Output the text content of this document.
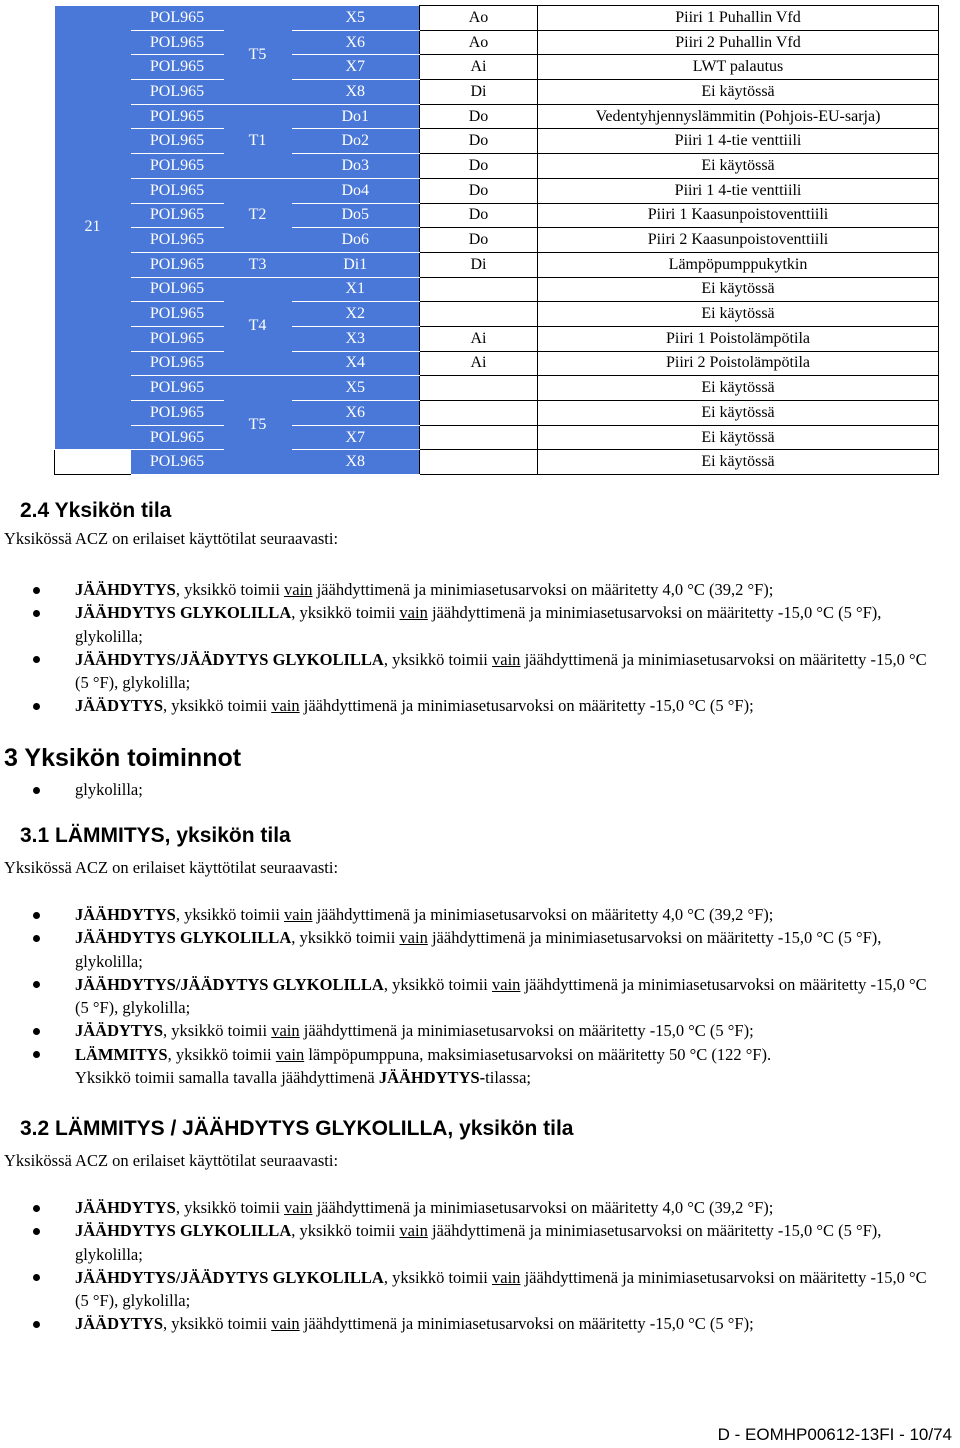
21	POL965	T5	X5	Ao	Piiri 1 Puhallin Vfd
	POL965		X6	Ao	Piiri 2 Puhallin Vfd
	POL965		X7	Ai	LWT palautus
	POL965		X8	Di	Ei käytössä
	POL965	T1	Do1	Do	Vedentyhjennyslämmitin (Pohjois-EU-sarja)
	POL965		Do2	Do	Piiri 1 4-tie venttiili
	POL965		Do3	Do	Ei käytössä
	POL965	T2	Do4	Do	Piiri 1 4-tie venttiili
	POL965		Do5	Do	Piiri 1 Kaasunpoistoventtiili
	POL965		Do6	Do	Piiri 2 Kaasunpoistoventtiili
	POL965	T3	Di1	Di	Lämpöpumppukytkin
	POL965	T4	X1		Ei käytössä
	POL965		X2		Ei käytössä
	POL965		X3	Ai	Piiri 1 Poistolämpötila
	POL965		X4	Ai	Piiri 2 Poistolämpötila
	POL965	T5	X5		Ei käytössä
	POL965		X6		Ei käytössä
	POL965		X7		Ei käytössä
	POL965		X8		Ei käytössä
2.4 Yksikön tila

Yksikössä ACZ on erilaiset käyttötilat seuraavasti:

JÄÄHDYTYS, yksikkö toimii vain jäähdyttimenä ja minimiasetusarvoksi on määritetty 4,0 °C (39,2 °F);
JÄÄHDYTYS GLYKOLILLA, yksikkö toimii vain jäähdyttimenä ja minimiasetusarvoksi on määritetty -15,0 °C (5 °F), glykolilla;
JÄÄHDYTYS/JÄÄDYTYS GLYKOLILLA, yksikkö toimii vain jäähdyttimenä ja minimiasetusarvoksi on määritetty -15,0 °C (5 °F), glykolilla;
JÄÄDYTYS, yksikkö toimii vain jäähdyttimenä ja minimiasetusarvoksi on määritetty -15,0 °C (5 °F);
3 Yksikön toiminnot
glykolilla;
3.1 LÄMMITYS, yksikön tila

Yksikössä ACZ on erilaiset käyttötilat seuraavasti:

JÄÄHDYTYS, yksikkö toimii vain jäähdyttimenä ja minimiasetusarvoksi on määritetty 4,0 °C (39,2 °F);
JÄÄHDYTYS GLYKOLILLA, yksikkö toimii vain jäähdyttimenä ja minimiasetusarvoksi on määritetty -15,0 °C (5 °F), glykolilla;
JÄÄHDYTYS/JÄÄDYTYS GLYKOLILLA, yksikkö toimii vain jäähdyttimenä ja minimiasetusarvoksi on määritetty -15,0 °C (5 °F), glykolilla;
JÄÄDYTYS, yksikkö toimii vain jäähdyttimenä ja minimiasetusarvoksi on määritetty -15,0 °C (5 °F);
LÄMMITYS, yksikkö toimii vain lämpöpumppuna, maksimiasetusarvoksi on määritetty 50 °C (122 °F).
Yksikkö toimii samalla tavalla jäähdyttimenä JÄÄHDYTYS-tilassa;
3.2 LÄMMITYS / JÄÄHDYTYS GLYKOLILLA, yksikön tila

Yksikössä ACZ on erilaiset käyttötilat seuraavasti:

JÄÄHDYTYS, yksikkö toimii vain jäähdyttimenä ja minimiasetusarvoksi on määritetty 4,0 °C (39,2 °F);
JÄÄHDYTYS GLYKOLILLA, yksikkö toimii vain jäähdyttimenä ja minimiasetusarvoksi on määritetty -15,0 °C (5 °F), glykolilla;
JÄÄHDYTYS/JÄÄDYTYS GLYKOLILLA, yksikkö toimii vain jäähdyttimenä ja minimiasetusarvoksi on määritetty -15,0 °C (5 °F), glykolilla;
JÄÄDYTYS, yksikkö toimii vain jäähdyttimenä ja minimiasetusarvoksi on määritetty -15,0 °C (5 °F);

D - EOMHP00612-13FI - 10/74
